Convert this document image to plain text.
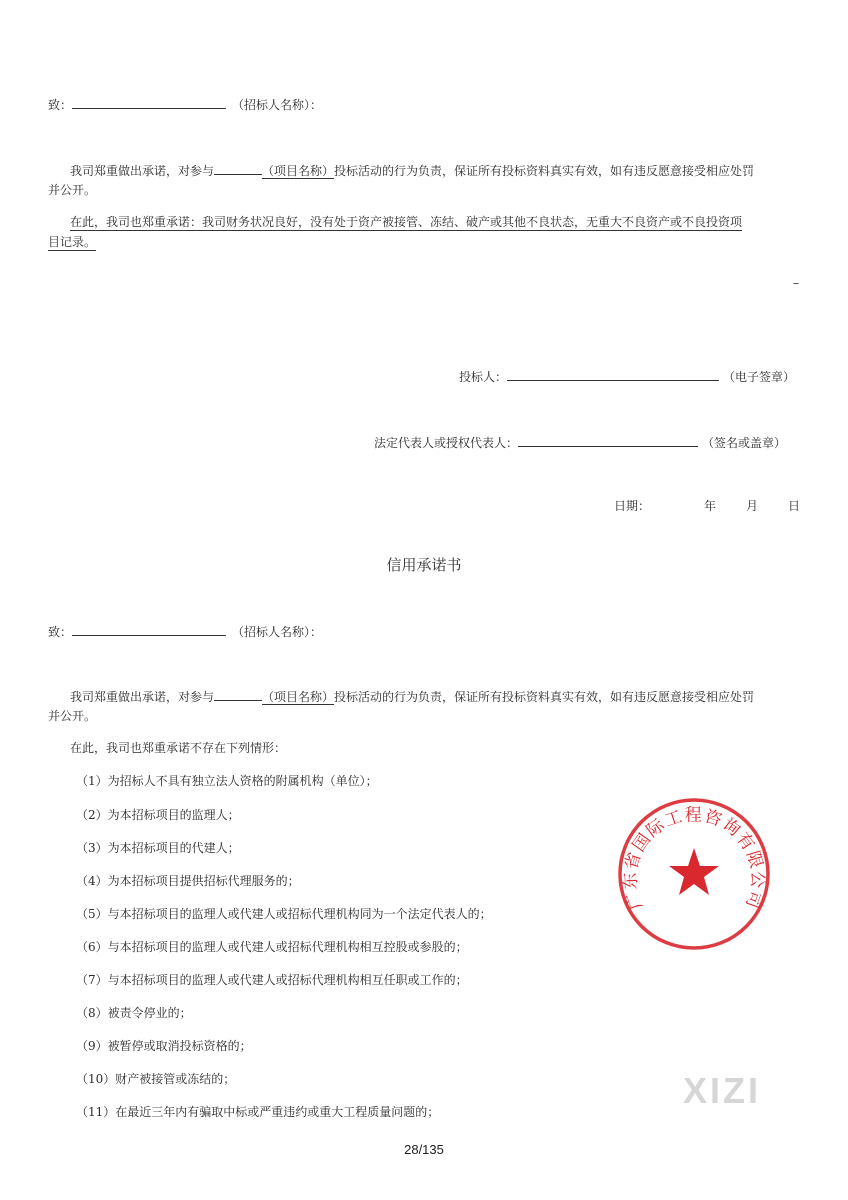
致：	（招标人名称）：
我司郑重做出承诺，对参与	（项目名称）投标活动的行为负责，保证所有投标资料真实有效，如有违反愿意接受相应处罚
并公开。
在此，我司也郑重承诺：我司财务状况良好，没有处于资产被接管、冻结、破产或其他不良状态，无重大不良资产或不良投资项
目记录。
–
投标人：	（电子签章）
法定代表人或授权代表人：	（签名或盖章）
日期：	年	月	日
信用承诺书
致：	（招标人名称）：
我司郑重做出承诺，对参与	（项目名称）投标活动的行为负责，保证所有投标资料真实有效，如有违反愿意接受相应处罚
并公开。
在此，我司也郑重承诺不存在下列情形：
（1）为招标人不具有独立法人资格的附属机构（单位）；
（2）为本招标项目的监理人；
（3）为本招标项目的代建人；
（4）为本招标项目提供招标代理服务的；
（5）与本招标项目的监理人或代建人或招标代理机构同为一个法定代表人的；
（6）与本招标项目的监理人或代建人或招标代理机构相互控股或参股的；
（7）与本招标项目的监理人或代建人或招标代理机构相互任职或工作的；
（8）被责令停业的；
（9）被暂停或取消投标资格的；
（10）财产被接管或冻结的；
（11）在最近三年内有骗取中标或严重违约或重大工程质量问题的；
广东省国际工程咨询有限公司
XIZI
28/135
